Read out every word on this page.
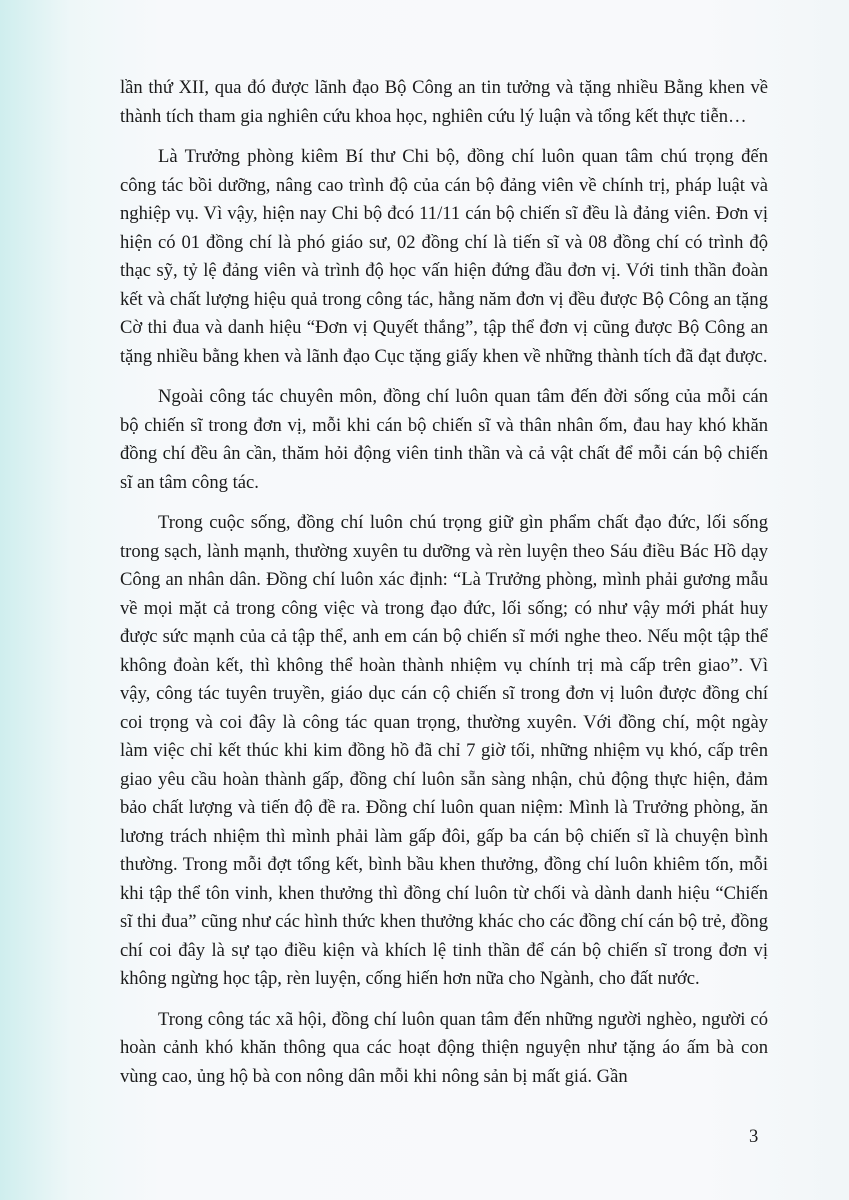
lần thứ XII, qua đó được lãnh đạo Bộ Công an tin tưởng và tặng nhiều Bằng khen về thành tích tham gia nghiên cứu khoa học, nghiên cứu lý luận và tổng kết thực tiễn…

Là Trưởng phòng kiêm Bí thư Chi bộ, đồng chí luôn quan tâm chú trọng đến công tác bồi dưỡng, nâng cao trình độ của cán bộ đảng viên về chính trị, pháp luật và nghiệp vụ. Vì vậy, hiện nay Chi bộ đcó 11/11 cán bộ chiến sĩ đều là đảng viên. Đơn vị hiện có 01 đồng chí là phó giáo sư, 02 đồng chí là tiến sĩ và 08 đồng chí có trình độ thạc sỹ, tỷ lệ đảng viên và trình độ học vấn hiện đứng đầu đơn vị. Với tinh thần đoàn kết và chất lượng hiệu quả trong công tác, hằng năm đơn vị đều được Bộ Công an tặng Cờ thi đua và danh hiệu “Đơn vị Quyết thắng”, tập thể đơn vị cũng được Bộ Công an tặng nhiều bằng khen và lãnh đạo Cục tặng giấy khen về những thành tích đã đạt được.

Ngoài công tác chuyên môn, đồng chí luôn quan tâm đến đời sống của mỗi cán bộ chiến sĩ trong đơn vị, mỗi khi cán bộ chiến sĩ và thân nhân ốm, đau hay khó khăn đồng chí đều ân cần, thăm hỏi động viên tinh thần và cả vật chất để mỗi cán bộ chiến sĩ an tâm công tác.

Trong cuộc sống, đồng chí luôn chú trọng giữ gìn phẩm chất đạo đức, lối sống trong sạch, lành mạnh, thường xuyên tu dưỡng và rèn luyện theo Sáu điều Bác Hồ dạy Công an nhân dân. Đồng chí luôn xác định: “Là Trưởng phòng, mình phải gương mẫu về mọi mặt cả trong công việc và trong đạo đức, lối sống; có như vậy mới phát huy được sức mạnh của cả tập thể, anh em cán bộ chiến sĩ mới nghe theo. Nếu một tập thể không đoàn kết, thì không thể hoàn thành nhiệm vụ chính trị mà cấp trên giao”. Vì vậy, công tác tuyên truyền, giáo dục cán cộ chiến sĩ trong đơn vị luôn được đồng chí coi trọng và coi đây là công tác quan trọng, thường xuyên. Với đồng chí, một ngày làm việc chỉ kết thúc khi kim đồng hồ đã chỉ 7 giờ tối, những nhiệm vụ khó, cấp trên giao yêu cầu hoàn thành gấp, đồng chí luôn sẵn sàng nhận, chủ động thực hiện, đảm bảo chất lượng và tiến độ đề ra. Đồng chí luôn quan niệm: Mình là Trưởng phòng, ăn lương trách nhiệm thì mình phải làm gấp đôi, gấp ba cán bộ chiến sĩ là chuyện bình thường. Trong mỗi đợt tổng kết, bình bầu khen thưởng, đồng chí luôn khiêm tốn, mỗi khi tập thể tôn vinh, khen thưởng thì đồng chí luôn từ chối và dành danh hiệu “Chiến sĩ thi đua” cũng như các hình thức khen thưởng khác cho các đồng chí cán bộ trẻ, đồng chí coi đây là sự tạo điều kiện và khích lệ tinh thần để cán bộ chiến sĩ trong đơn vị không ngừng học tập, rèn luyện, cống hiến hơn nữa cho Ngành, cho đất nước.

Trong công tác xã hội, đồng chí luôn quan tâm đến những người nghèo, người có hoàn cảnh khó khăn thông qua các hoạt động thiện nguyện như tặng áo ấm bà con vùng cao, ủng hộ bà con nông dân mỗi khi nông sản bị mất giá. Gần

3
